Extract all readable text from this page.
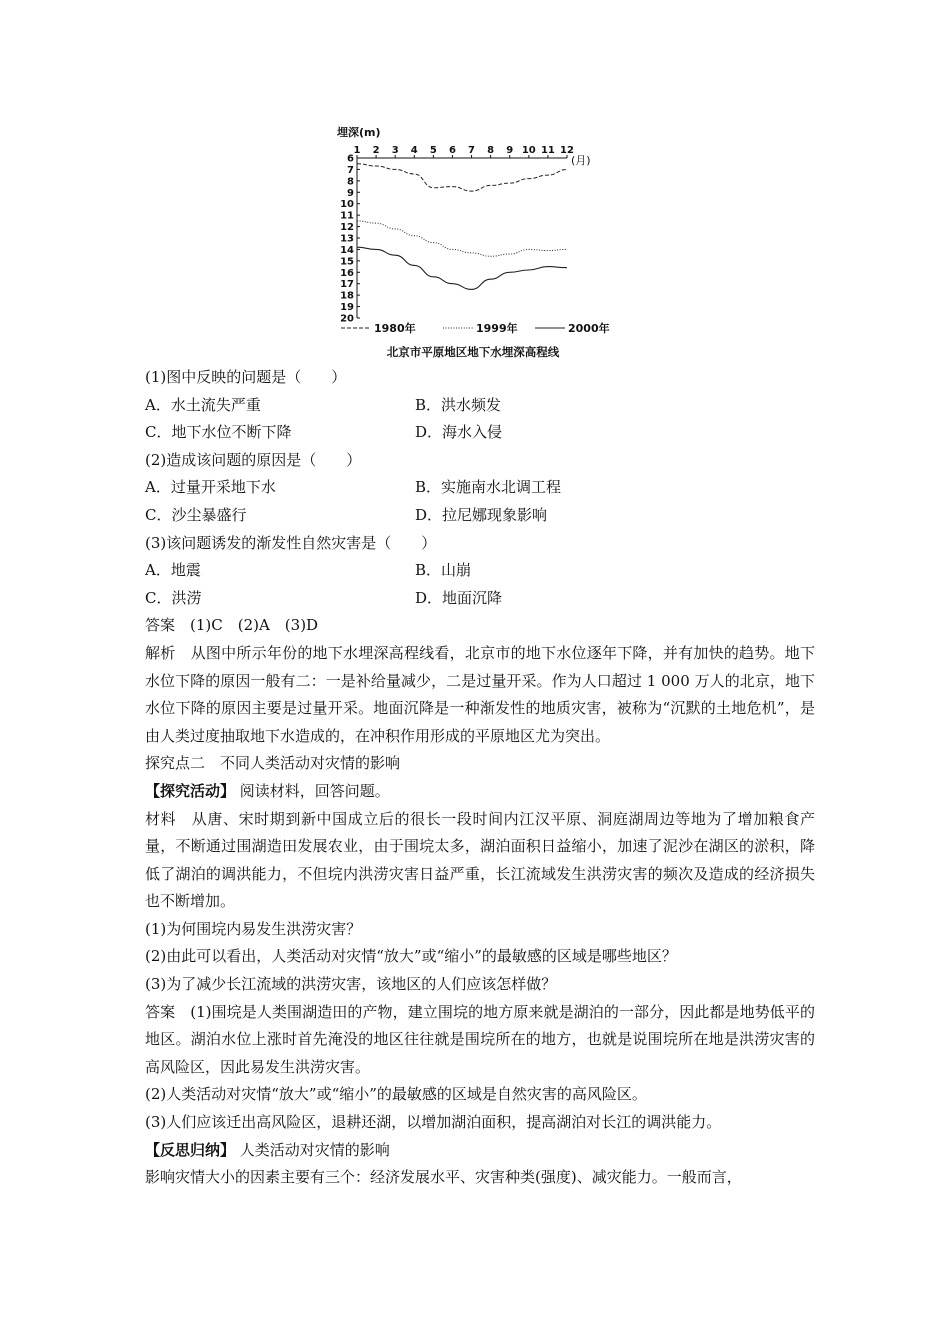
埋深(m)
1 2 3 4 5 6 7 8 9 10 11 12
(月)
6
7
8
9
10
11
12
13
14
15
16
17
18
19
20
1980年	1999年	2000年
北京市平原地区地下水埋深高程线
(1)图中反映的问题是（　　）
A．水土流失严重	B．洪水频发
C．地下水位不断下降	D．海水入侵
(2)造成该问题的原因是（　　）
A．过量开采地下水	B．实施南水北调工程
C．沙尘暴盛行	D．拉尼娜现象影响
(3)该问题诱发的渐发性自然灾害是（　　）
A．地震	B．山崩
C．洪涝	D．地面沉降
答案　(1)C　(2)A　(3)D
解析　从图中所示年份的地下水埋深高程线看，北京市的地下水位逐年下降，并有加快的趋势。地下水位下降的原因一般有二：一是补给量减少，二是过量开采。作为人口超过 1 000 万人的北京，地下水位下降的原因主要是过量开采。地面沉降是一种渐发性的地质灾害，被称为“沉默的土地危机”，是由人类过度抽取地下水造成的，在冲积作用形成的平原地区尤为突出。
探究点二　不同人类活动对灾情的影响
【探究活动】 阅读材料，回答问题。
材料　从唐、宋时期到新中国成立后的很长一段时间内江汉平原、洞庭湖周边等地为了增加粮食产量，不断通过围湖造田发展农业，由于围垸太多，湖泊面积日益缩小，加速了泥沙在湖区的淤积，降低了湖泊的调洪能力，不但垸内洪涝灾害日益严重，长江流域发生洪涝灾害的频次及造成的经济损失也不断增加。
(1)为何围垸内易发生洪涝灾害？
(2)由此可以看出，人类活动对灾情“放大”或“缩小”的最敏感的区域是哪些地区？
(3)为了减少长江流域的洪涝灾害，该地区的人们应该怎样做？
答案　(1)围垸是人类围湖造田的产物，建立围垸的地方原来就是湖泊的一部分，因此都是地势低平的地区。湖泊水位上涨时首先淹没的地区往往就是围垸所在的地方，也就是说围垸所在地是洪涝灾害的高风险区，因此易发生洪涝灾害。
(2)人类活动对灾情“放大”或“缩小”的最敏感的区域是自然灾害的高风险区。
(3)人们应该迁出高风险区，退耕还湖，以增加湖泊面积，提高湖泊对长江的调洪能力。
【反思归纳】 人类活动对灾情的影响
影响灾情大小的因素主要有三个：经济发展水平、灾害种类(强度)、减灾能力。一般而言，
